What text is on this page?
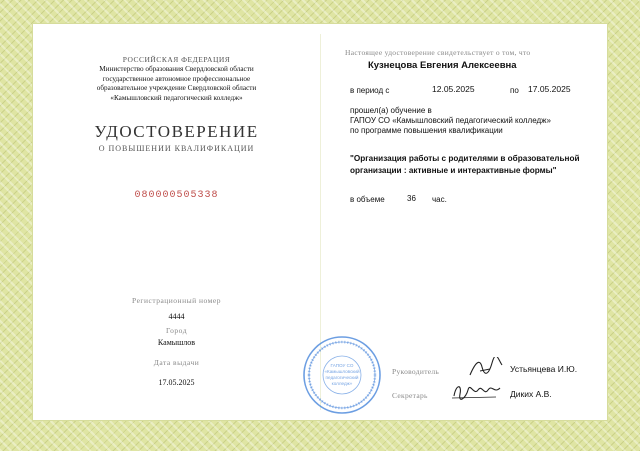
РОССИЙСКАЯ ФЕДЕРАЦИЯ
Министерство образования Свердловской области
государственное автономное профессиональное
образовательное учреждение Свердловской области
«Камышловский педагогический колледж»
УДОСТОВЕРЕНИЕ
О ПОВЫШЕНИИ КВАЛИФИКАЦИИ
080000505338
Регистрационный номер
4444
Город
Камышлов
Дата выдачи
17.05.2025
Настоящее удостоверение свидетельствует о том, что
Кузнецова Евгения Алексеевна
в период с	12.05.2025	по 17.05.2025
прошел(а) обучение в
ГАПОУ СО «Камышловский педагогический колледж»
по программе повышения квалификации
"Организация работы с родителями в образовательной
организации : активные и интерактивные формы"
в объеме	36 час.
Руководитель	Устьянцева И.Ю.
Секретарь	Диких А.В.
ГАПОУ СО
«Камышловский
педагогический
колледж»
